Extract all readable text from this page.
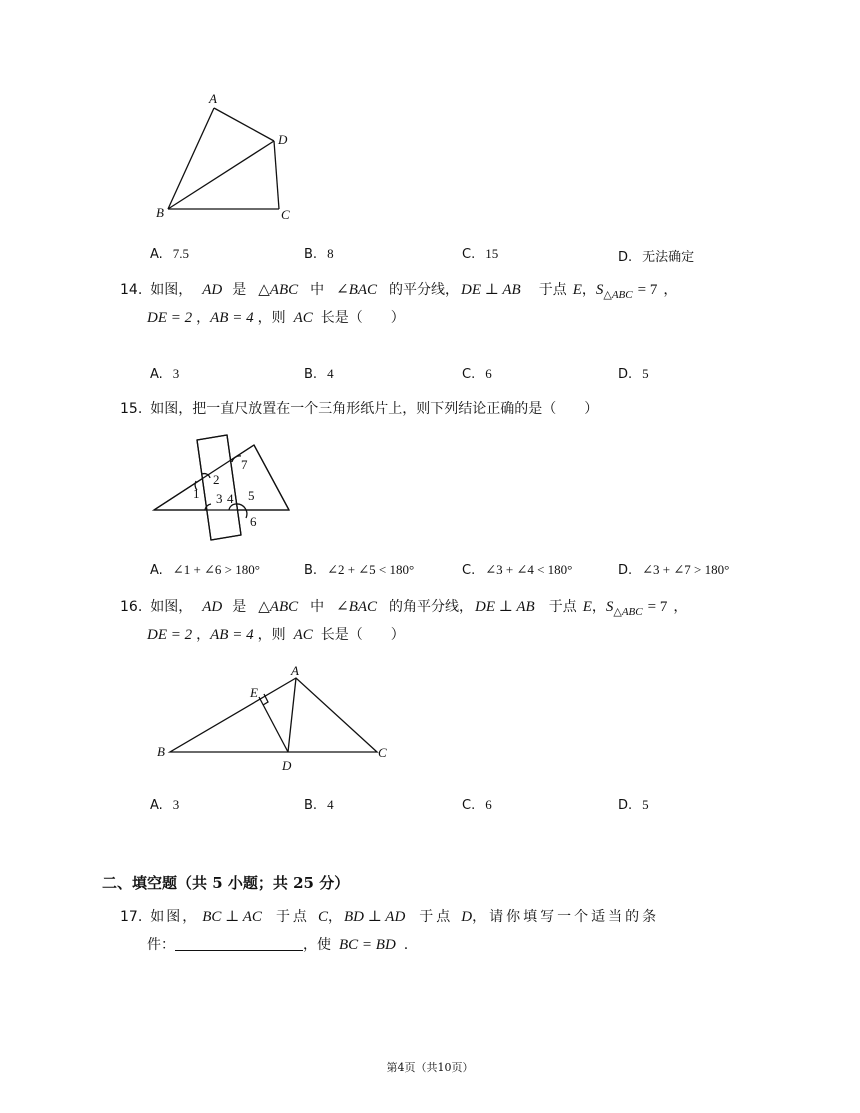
A
D
B	C
A. 7.5	B. 8	C. 15	D. 无法确定
14. 如图， AD 是 △ABC 中 ∠BAC 的平分线， DE ⊥ AB 于点 E，$S_{\triangle ABC} = 7$ ，
DE = 2 ，AB = 4 ，则 AC 长是（　　）
A. 3	B. 4	C. 6	D. 5
15. 如图，把一直尺放置在一个三角形纸片上，则下列结论正确的是（　　）
1
2
3 4 5
6
7
A. ∠1 + ∠6 > 180°	B. ∠2 + ∠5 < 180°	C. ∠3 + ∠4 < 180°	D. ∠3 + ∠7 > 180°
16. 如图， AD 是 △ABC 中 ∠BAC 的角平分线， DE ⊥ AB 于点 E，$S_{\triangle ABC} = 7$ ，
DE = 2 ，AB = 4 ，则 AC 长是（　　）
A
E
B	C
D
A. 3	B. 4	C. 6	D. 5
二、填空题（共 5 小题；共 25 分）
17. 如图， BC ⊥ AC 于点 C， BD ⊥ AD 于点 D，请你填写一个适当的条
件：	，使 BC = BD .
第4页（共10页）
